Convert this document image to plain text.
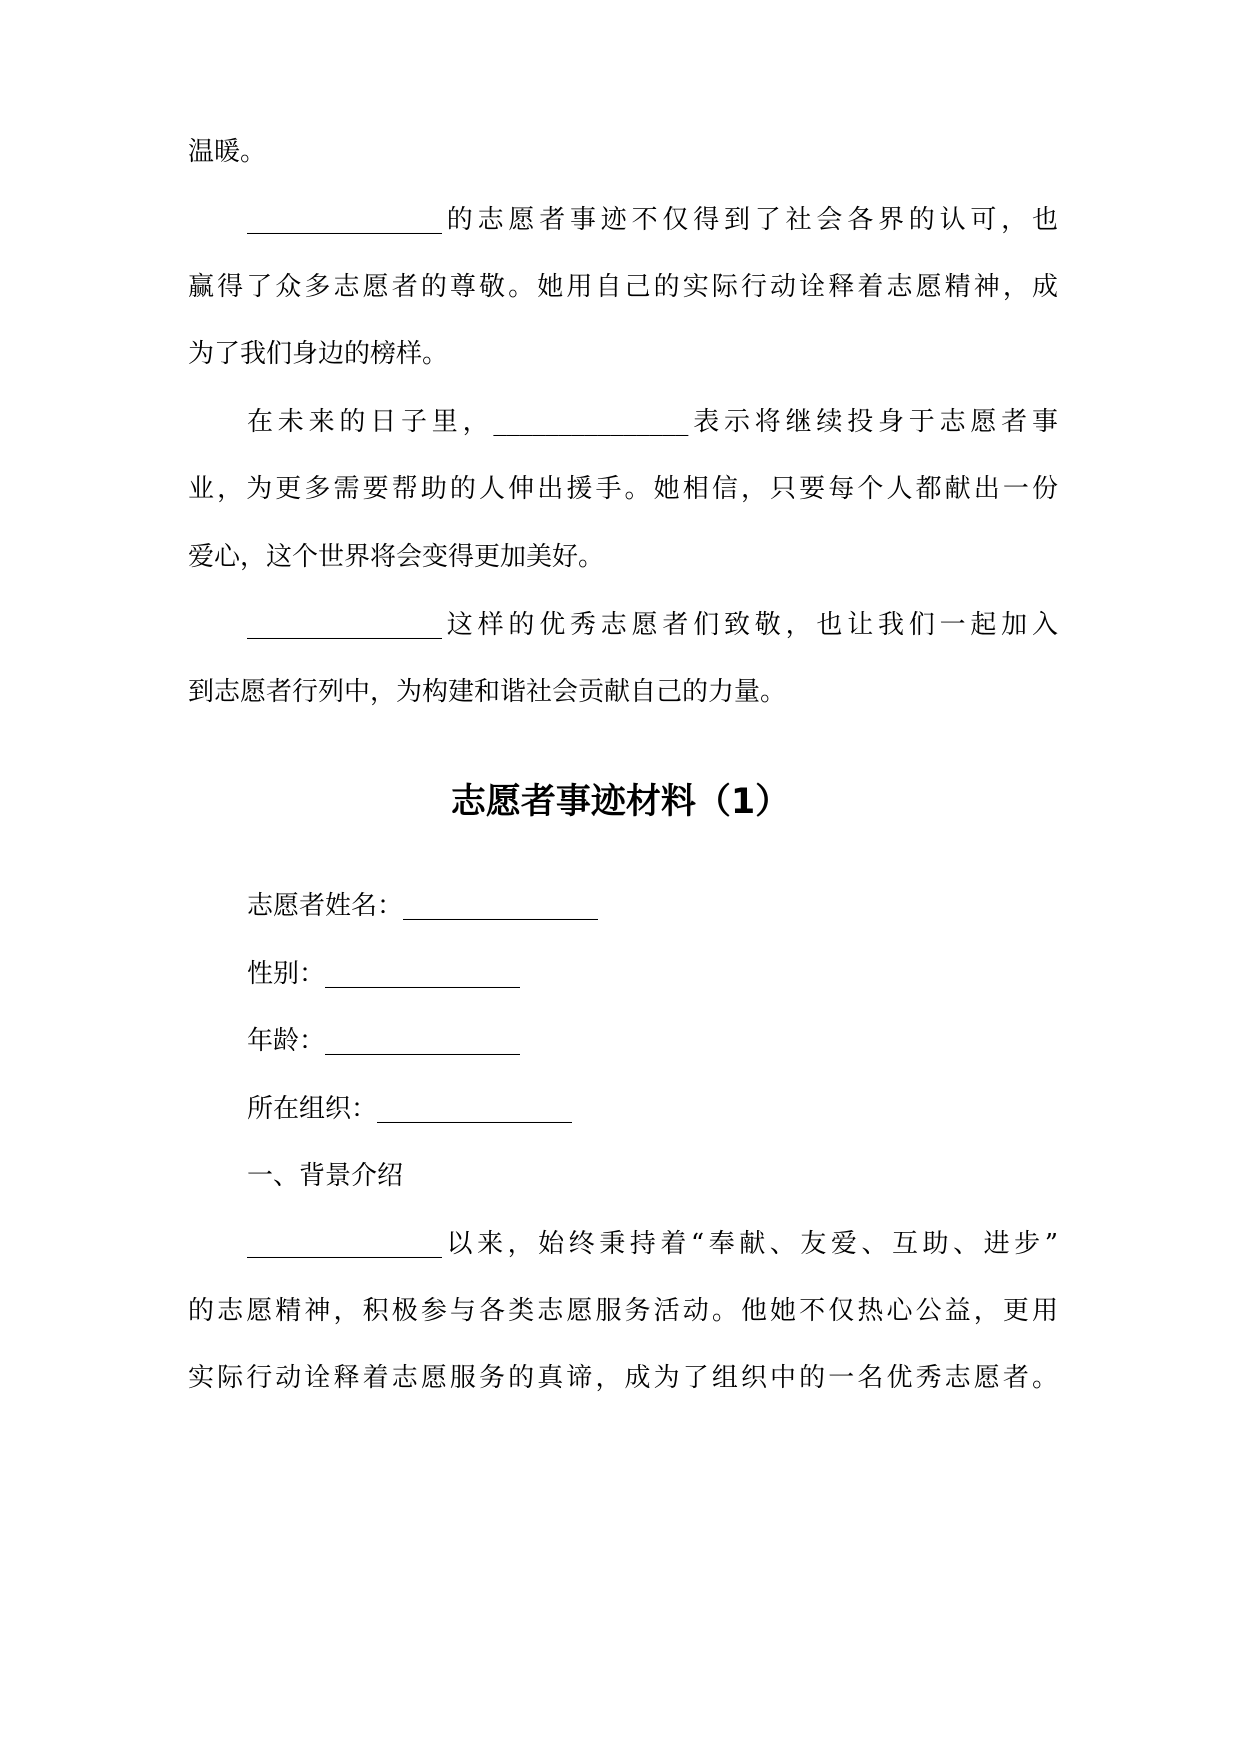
温暖。
_______________的志愿者事迹不仅得到了社会各界的认可，也
赢得了众多志愿者的尊敬。她用自己的实际行动诠释着志愿精神，成
为了我们身边的榜样。
在未来的日子里，_______________表示将继续投身于志愿者事
业，为更多需要帮助的人伸出援手。她相信，只要每个人都献出一份
爱心，这个世界将会变得更加美好。
_______________这样的优秀志愿者们致敬，也让我们一起加入
到志愿者行列中，为构建和谐社会贡献自己的力量。
志愿者事迹材料（1）
志愿者姓名：_______________
性别：_______________
年龄：_______________
所在组织：_______________
一、背景介绍
_______________以来，始终秉持着“奉献、友爱、互助、进步”
的志愿精神，积极参与各类志愿服务活动。他她不仅热心公益，更用
实际行动诠释着志愿服务的真谛，成为了组织中的一名优秀志愿者。
